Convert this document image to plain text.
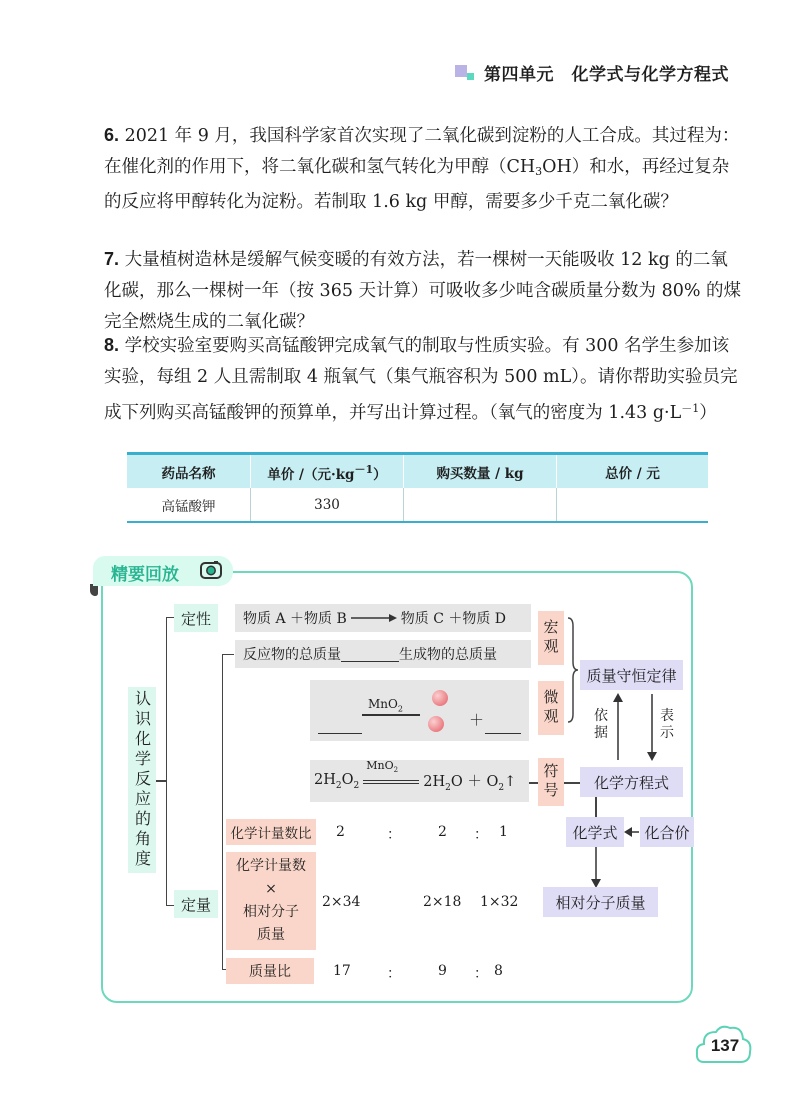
第四单元　化学式与化学方程式
6. 2021 年 9 月，我国科学家首次实现了二氧化碳到淀粉的人工合成。其过程为：在催化剂的作用下，将二氧化碳和氢气转化为甲醇$(CH_3OH)$和水，再经过复杂的反应将甲醇转化为淀粉。若制取 1.6 kg 甲醇，需要多少千克二氧化碳？
7. 大量植树造林是缓解气候变暖的有效方法，若一棵树一天能吸收 12 kg 的二氧化碳，那么一棵树一年（按 365 天计算）可吸收多少吨含碳质量分数为 80% 的煤完全燃烧生成的二氧化碳？
8. 学校实验室要购买高锰酸钾完成氧气的制取与性质实验。有 300 名学生参加该实验，每组 2 人且需制取 4 瓶氧气（集气瓶容积为 500 mL）。请你帮助实验员完成下列购买高锰酸钾的预算单，并写出计算过程。（氧气的密度为 1.43 $g\cdot L^{-1}$）
药品名称	单价 /（元$\cdot kg^{-1}$）	购买数量 / kg	总价 / 元
高锰酸钾	330		
精要回放
认识化学反应的角度
定性
定量
物质 A ＋物质 B	物质 C ＋物质 D
反应物的总质量	生成物的总质量
MnO$_2$
＋
$2H_2O_2$
MnO$_2$
$2H_2O$ ＋ $O_2↑$
宏观
微观
符号
质量守恒定律
依据
表示
化学方程式
化学式	化合价
相对分子质量
化学计量数比	2	：	2 ： 1
化学计量数
×
相对分子
质量
2×34	2×18 1×32
质量比	17	：	9 ： 8
137
